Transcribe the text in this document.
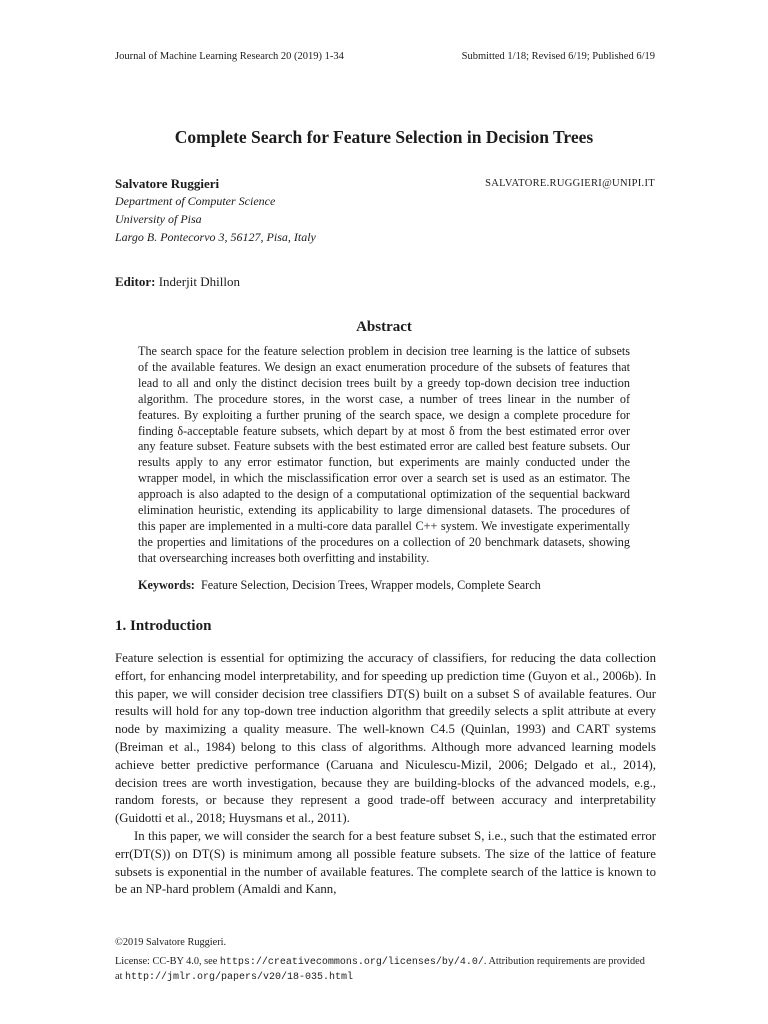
Journal of Machine Learning Research 20 (2019) 1-34	Submitted 1/18; Revised 6/19; Published 6/19
Complete Search for Feature Selection in Decision Trees
Salvatore Ruggieri	SALVATORE.RUGGIERI@UNIPI.IT
Department of Computer Science
University of Pisa
Largo B. Pontecorvo 3, 56127, Pisa, Italy
Editor: Inderjit Dhillon
Abstract
The search space for the feature selection problem in decision tree learning is the lattice of subsets of the available features. We design an exact enumeration procedure of the subsets of features that lead to all and only the distinct decision trees built by a greedy top-down decision tree induction algorithm. The procedure stores, in the worst case, a number of trees linear in the number of features. By exploiting a further pruning of the search space, we design a complete procedure for finding δ-acceptable feature subsets, which depart by at most δ from the best estimated error over any feature subset. Feature subsets with the best estimated error are called best feature subsets. Our results apply to any error estimator function, but experiments are mainly conducted under the wrapper model, in which the misclassification error over a search set is used as an estimator. The approach is also adapted to the design of a computational optimization of the sequential backward elimination heuristic, extending its applicability to large dimensional datasets. The procedures of this paper are implemented in a multi-core data parallel C++ system. We investigate experimentally the properties and limitations of the procedures on a collection of 20 benchmark datasets, showing that oversearching increases both overfitting and instability.
Keywords: Feature Selection, Decision Trees, Wrapper models, Complete Search
1. Introduction

Feature selection is essential for optimizing the accuracy of classifiers, for reducing the data collection effort, for enhancing model interpretability, and for speeding up prediction time (Guyon et al., 2006b). In this paper, we will consider decision tree classifiers DT(S) built on a subset S of available features. Our results will hold for any top-down tree induction algorithm that greedily selects a split attribute at every node by maximizing a quality measure. The well-known C4.5 (Quinlan, 1993) and CART systems (Breiman et al., 1984) belong to this class of algorithms. Although more advanced learning models achieve better predictive performance (Caruana and Niculescu-Mizil, 2006; Delgado et al., 2014), decision trees are worth investigation, because they are building-blocks of the advanced models, e.g., random forests, or because they represent a good trade-off between accuracy and interpretability (Guidotti et al., 2018; Huysmans et al., 2011).

In this paper, we will consider the search for a best feature subset S, i.e., such that the estimated error err(DT(S)) on DT(S) is minimum among all possible feature subsets. The size of the lattice of feature subsets is exponential in the number of available features. The complete search of the lattice is known to be an NP-hard problem (Amaldi and Kann,

©2019 Salvatore Ruggieri.
License: CC-BY 4.0, see https://creativecommons.org/licenses/by/4.0/. Attribution requirements are provided
at http://jmlr.org/papers/v20/18-035.html
